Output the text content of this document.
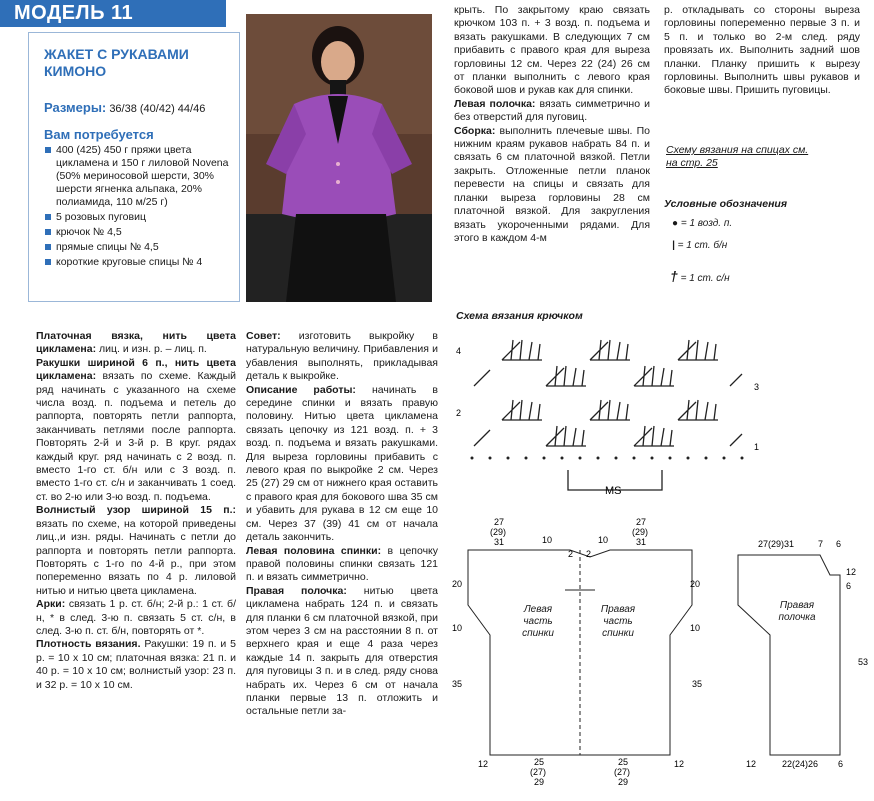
МОДЕЛЬ 11
ЖАКЕТ С РУКАВАМИ КИМОНО
Размеры: 36/38 (40/42) 44/46
Вам потребуется
400 (425) 450 г пряжи цвета цикламена и 150 г лиловой Novena (50% мериносовой шерсти, 30% шерсти ягненка альпака, 20% полиамида, 110 м/25 г)
5 розовых пуговиц
крючок № 4,5
прямые спицы № 4,5
короткие круговые спицы № 4

Платочная вязка, нить цвета цикламена: лиц. и изн. р. – лиц. п.

Ракушки шириной 6 п., нить цвета цикламена: вязать по схеме. Каждый ряд начинать с указанного на схеме числа возд. п. подъема и петель до раппорта, повторять петли раппорта, заканчивать петлями после раппорта. Повторять 2-й и 3-й р. В круг. рядах каждый круг. ряд начинать с 2 возд. п. вместо 1-го ст. б/н или с 3 возд. п. вместо 1-го ст. с/н и заканчивать 1 соед. ст. во 2-ю или 3-ю возд. п. подъема.

Волнистый узор шириной 15 п.: вязать по схеме, на которой приведены лиц.,и изн. ряды. Начинать с петли до раппорта и повторять петли раппорта. Повторять с 1-го по 4-й р., при этом попеременно вязать по 4 р. лиловой нитью и нитью цвета цикламена.

Арки: связать 1 р. ст. б/н; 2-й р.: 1 ст. б/н, * в след. 3-ю п. связать 5 ст. с/н, в след. 3-ю п. ст. б/н, повторять от *.

Плотность вязания. Ракушки: 19 п. и 5 р. = 10 х 10 см; платочная вязка: 21 п. и 40 р. = 10 х 10 см; волнистый узор: 23 п. и 32 р. = 10 х 10 см.

Совет: изготовить выкройку в натуральную величину. Прибавления и убавления выполнять, прикладывая деталь к выкройке.

Описание работы: начинать в середине спинки и вязать правую половину. Нитью цвета цикламена связать цепочку из 121 возд. п. + 3 возд. п. подъема и вязать ракушками. Для выреза горловины прибавить с левого края по выкройке 2 см. Через 25 (27) 29 см от нижнего края оставить с правого края для бокового шва 35 см и убавить для рукава в 12 см еще 10 см. Через 37 (39) 41 см от начала деталь закончить.

Левая половина спинки: в цепочку правой половины спинки связать 121 п. и вязать симметрично.

Правая полочка: нитью цвета цикламена набрать 124 п. и связать для планки 6 см платочной вязкой, при этом через 3 см на расстоянии 8 п. от верхнего края и еще 4 раза через каждые 14 п. закрыть для отверстия для пуговицы 3 п. и в след. ряду снова набрать их. Через 6 см от начала планки первые 13 п. отложить и остальные петли за-

крыть. По закрытому краю связать крючком 103 п. + 3 возд. п. подъема и вязать ракушками. В следующих 7 см прибавить с правого края для выреза горловины 12 см. Через 22 (24) 26 см от планки выполнить с левого края боковой шов и рукав как для спинки.

Левая полочка: вязать симметрично и без отверстий для пуговиц.

Сборка: выполнить плечевые швы. По нижним краям рукавов набрать 84 п. и связать 6 см платочной вязкой. Петли закрыть. Отложенные петли планок перевести на спицы и связать для планки выреза горловины 28 см платочной вязкой. Для закругления вязать укороченными рядами. Для этого в каждом 4-м

р. откладывать со стороны выреза горловины попеременно первые 3 п. и 5 п. и только во 2-м след. ряду провязать их. Выполнить задний шов планки. Планку пришить к вырезу горловины. Выполнить швы рукавов и боковые швы. Пришить пуговицы.

Схему вязания на спицах см. на стр. 25
Условные обозначения
● = 1 возд. п.
| = 1 ст. б/н
† = 1 ст. с/н
Схема вязания крючком
4
3
2
1
MS
27
(29)
31	10	10
27
(29)
31
2 2
20
10
35
20
10
35
12	25
(27)
29
25
(27)
29
12
Левая часть спинки
Правая часть спинки
27(29)31	7 6
12
6
53
12	22(24)26 6
Правая полочка
